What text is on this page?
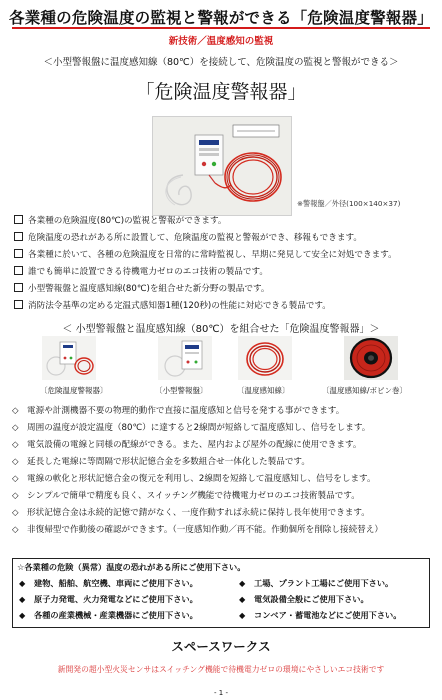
各業種の危険温度の監視と警報ができる「危険温度警報器」
新技術／温度感知の監視
＜小型警報盤に温度感知線（80℃）を接続して、危険温度の監視と警報ができる＞
「危険温度警報器」
※警報盤／外径(100×140×37)
各業種の危険温度(80℃)の監視と警報ができます。
危険温度の恐れがある所に設置して、危険温度の監視と警報ができ、移報もできます。
各業種に於いて、各種の危険温度を日常的に常時監視し、早期に発見して安全に対処できます。
誰でも簡単に設置できる待機電力ゼロのエコ技術の製品です。
小型警報盤と温度感知線(80℃)を組合せた新分野の製品です。
消防法令基準の定める定温式感知器1種(120秒)の性能に対応できる製品です。
＜ 小型警報盤と温度感知線（80℃）を組合せた「危険温度警報器」＞
〔危険温度警報器〕	〔小型警報盤〕	〔温度感知線〕	〔温度感知線/ボビン巻〕
◇ 電源や計測機器不要の物理的動作で直接に温度感知と信号を発する事ができます。
◇ 周囲の温度が設定温度（80℃）に達すると2線間が短絡して温度感知し、信号をします。
◇ 電気設備の電線と同様の配線ができる。また、屋内および屋外の配線に使用できます。
◇ 延長した電線に等間隔で形状記憶合金を多数組合せ一体化した製品です。
◇ 電線の軟化と形状記憶合金の復元を利用し、2線間を短絡して温度感知し、信号をします。
◇ シンプルで簡単で精度も良く、スイッチング機能で待機電力ゼロのエコ技術製品です。
◇ 形状記憶合金は永続的記憶で錆がなく、一度作動すれば永続に保持し長年使用できます。
◇ 非復帰型で作動後の確認ができます。（一度感知作動／再不能。作動個所を削除し接続替え）
☆各業種の危険（異常）温度の恐れがある所にご使用下さい。
◆ 建物、船舶、航空機、車両にご使用下さい。	◆ 工場、プラント工場にご使用下さい。
◆ 原子力発電、火力発電などにご使用下さい。	◆ 電気設備全般にご使用下さい。
◆ 各種の産業機械・産業機器にご使用下さい。	◆ コンベア・蓄電池などにご使用下さい。
スペースワークス
新開発の超小型火災センサはスイッチング機能で待機電力ゼロの環境にやさしいエコ技術です
- 1 -
